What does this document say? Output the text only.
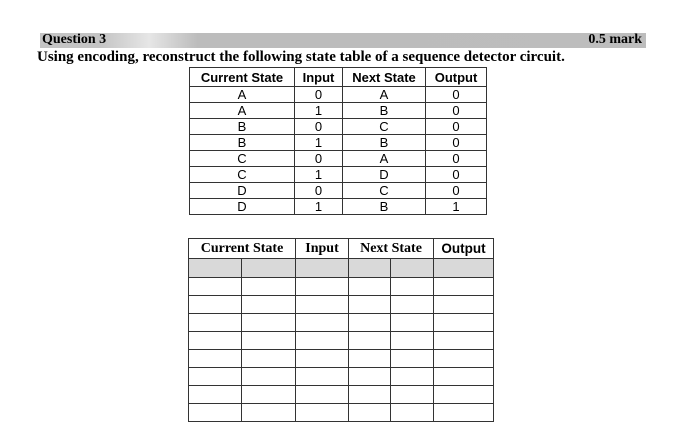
Question 3	0.5 mark
Using encoding, reconstruct the following state table of a sequence detector circuit.
Current State	Input	Next State	Output
A	0	A	0
A	1	B	0
B	0	C	0
B	1	B	0
C	0	A	0
C	1	D	0
D	0	C	0
D	1	B	1
Current State		Input	Next State		Output
